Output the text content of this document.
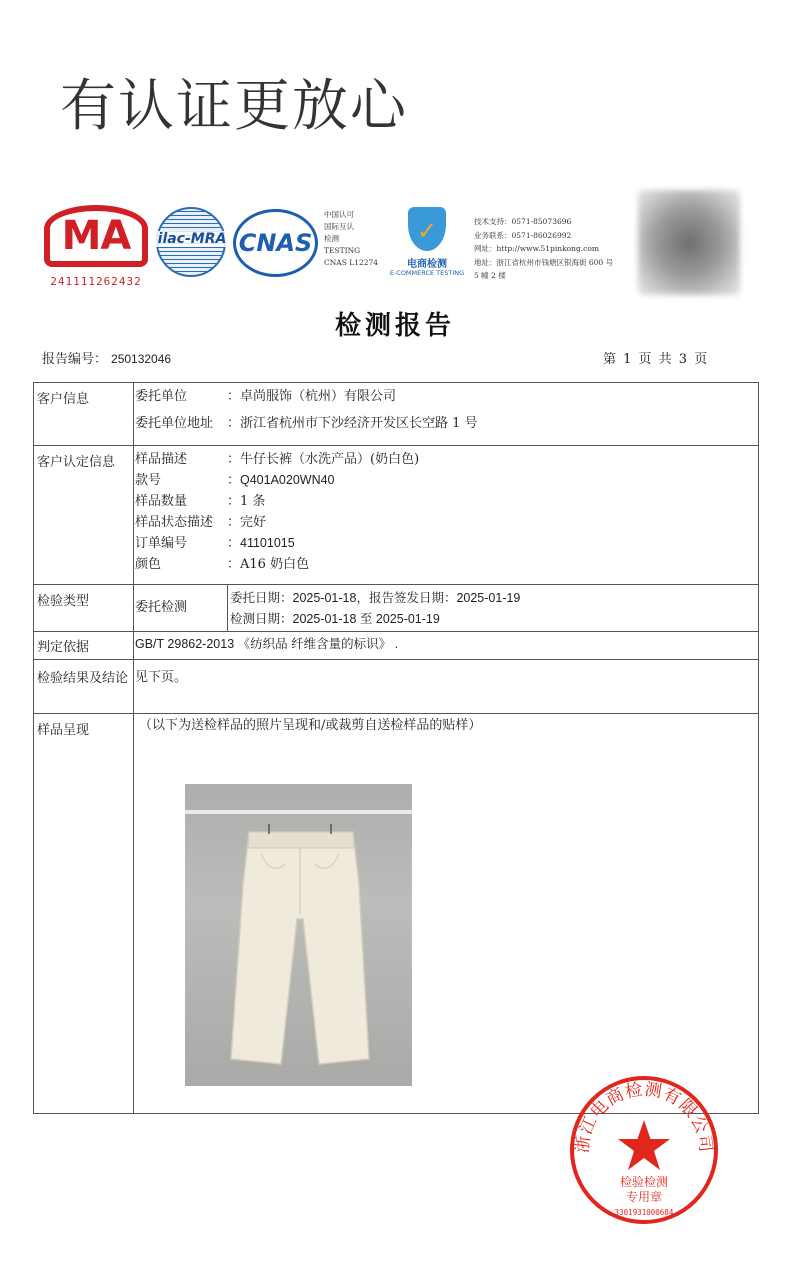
有认证更放心
MA
241111262432
ilac-MRA CNAS
中国认可
国际互认
检测
TESTING
CNAS L12274
✓
电商检测
E-COMMERCE TESTING
技术支持：0571-85073696
业务联系：0571-86026992
网址：http://www.51pinkong.com
地址：浙江省杭州市钱塘区银海街 600 号
5 幢 2 楼
检测报告
报告编号： 250132046	第 1 页 共 3 页
客户信息	委托单位	：卓尚服饰（杭州）有限公司
委托单位地址 ：浙江省杭州市下沙经济开发区长空路 1 号
客户认定信息 样品描述	： 牛仔长裤（水洗产品）(奶白色)
款号	： Q401A020WN40
样品数量	： 1 条
样品状态描述 ： 完好
订单编号	： 41101015
颜色	： A16 奶白色
检验类型	委托检测
委托日期：2025-01-18，报告签发日期：2025-01-19
检测日期：2025-01-18 至 2025-01-19
判定依据	GB/T 29862-2013 《纺织品 纤维含量的标识》 .
检验结果及结论 见下页。
样品呈现	（以下为送检样品的照片呈现和/或裁剪自送检样品的贴样）
浙江电商检测有限公司
检验检测
专用章
3301931000684
